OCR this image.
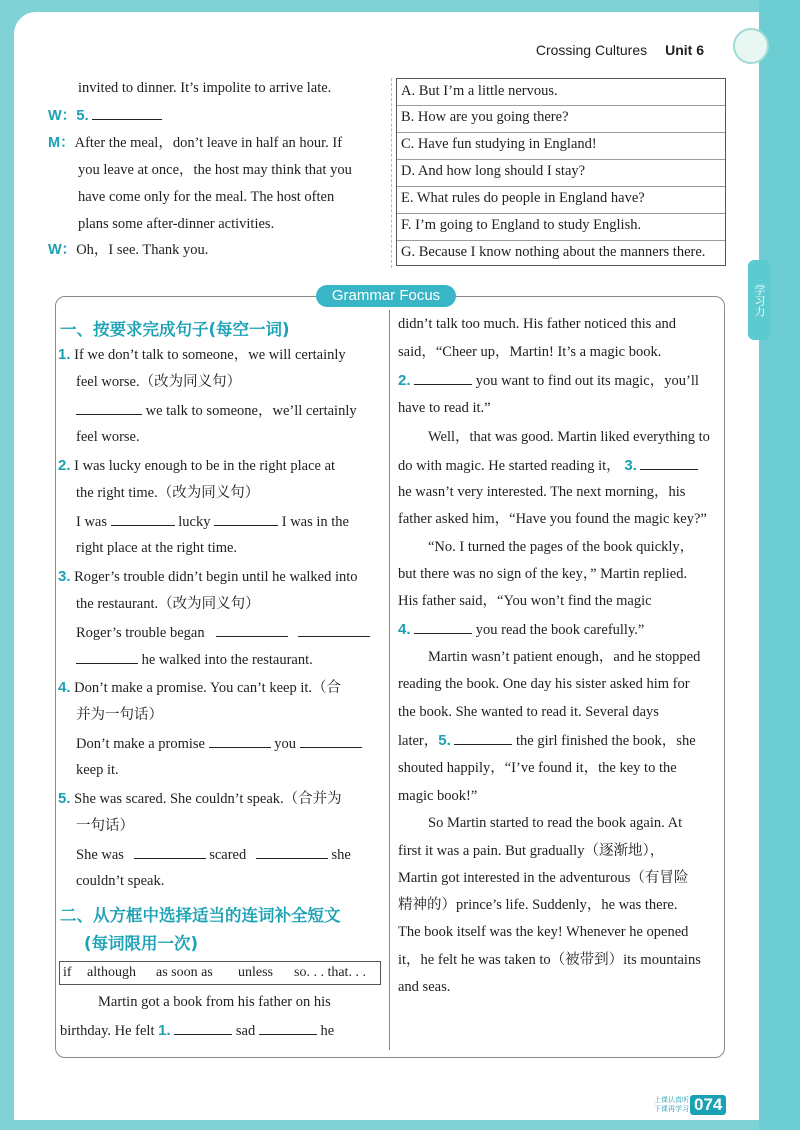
Crossing Cultures Unit 6
invited to dinner. It’s impolite to arrive late.
W：5.
M：After the meal，don’t leave in half an hour. If
you leave at once，the host may think that you
have come only for the meal. The host often
plans some after-dinner activities.
W：Oh，I see. Thank you.
A. But I’m a little nervous.
B. How are you going there?
C. Have fun studying in England!
D. And how long should I stay?
E. What rules do people in England have?
F. I’m going to England to study English.
G. Because I know nothing about the manners there.
学习力
Grammar Focus
一、按要求完成句子(每空一词)
1. If we don’t talk to someone，we will certainly
feel worse.（改为同义句）
we talk to someone，we’ll certainly
feel worse.
2. I was lucky enough to be in the right place at
the right time.（改为同义句）
I was	lucky	I was in the
right place at the right time.
3. Roger’s trouble didn’t begin until he walked into
the restaurant.（改为同义句）
Roger’s trouble began
he walked into the restaurant.
4. Don’t make a promise. You can’t keep it.（合
并为一句话）
Don’t make a promise	you
keep it.
5. She was scared. She couldn’t speak.（合并为
一句话）
She was	scared	she
couldn’t speak.
二、从方框中选择适当的连词补全短文
(每词限用一次)
if although as soon as unless so. . . that. . .
Martin got a book from his father on his
birthday. He felt 1.	sad	he
didn’t talk too much. His father noticed this and
said，“Cheer up，Martin! It’s a magic book.
2.	you want to find out its magic，you’ll
have to read it.”
Well，that was good. Martin liked everything to
do with magic. He started reading it， 3.
he wasn’t very interested. The next morning，his
father asked him，“Have you found the magic key?”
“No. I turned the pages of the book quickly，
but there was no sign of the key，” Martin replied.
His father said，“You won’t find the magic
4.	you read the book carefully.”
Martin wasn’t patient enough，and he stopped
reading the book. One day his sister asked him for
the book. She wanted to read it. Several days
later，5.	the girl finished the book，she
shouted happily，“I’ve found it，the key to the
magic book!”
So Martin started to read the book again. At
first it was a pain. But gradually（逐渐地），
Martin got interested in the adventurous（有冒险
精神的）prince’s life. Suddenly，he was there.
The book itself was the key! Whenever he opened
it，he felt he was taken to（被带到）its mountains
and seas.
上课认真听
下课再学习 074
